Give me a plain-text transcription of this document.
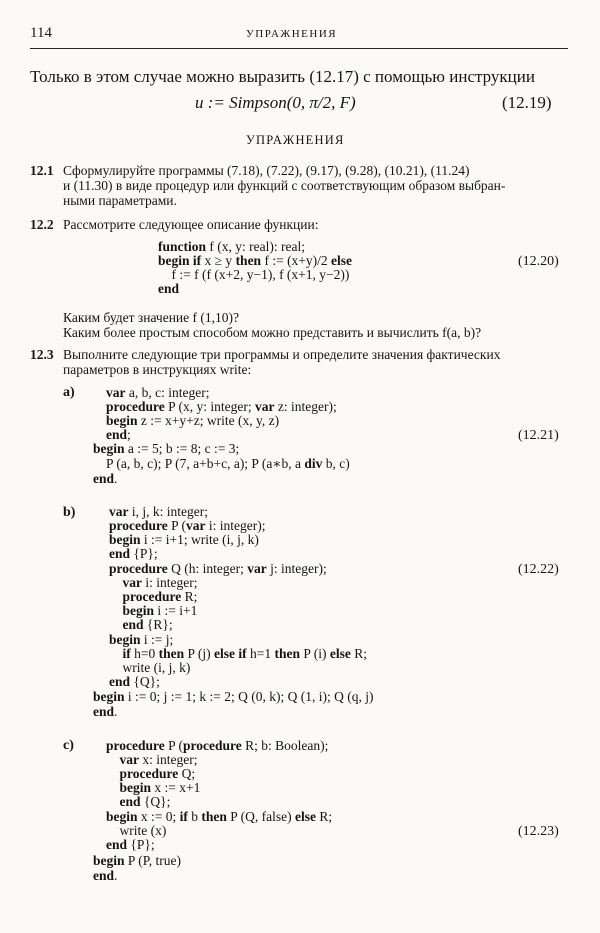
114	УПРАЖНЕНИЯ
Только в этом случае можно выразить (12.17) с помощью инструкции
u := Simpson(0, π/2, F)	(12.19)
УПРАЖНЕНИЯ
12.1 Сформулируйте программы (7.18), (7.22), (9.17), (9.28), (10.21), (11.24)
и (11.30) в виде процедур или функций с соответствующим образом выбран-
ными параметрами.
12.2 Рассмотрите следующее описание функции:
function f (x, y: real): real;
begin if x ≥ y then f := (x+y)/2 else
f := f (f (x+2, y−1), f (x+1, y−2))
end
(12.20)
Каким будет значение f (1,10)?
Каким более простым способом можно представить и вычислить f(a, b)?
12.3 Выполните следующие три программы и определите значения фактических
параметров в инструкциях write:
a) var a, b, c: integer;
procedure P (x, y: integer; var z: integer);
begin z := x+y+z; write (x, y, z)
end;
begin a := 5; b := 8; c := 3;
P (a, b, c); P (7, a+b+c, a); P (a∗b, a div b, c)
end.
(12.21)
b) var i, j, k: integer;
procedure P (var i: integer);
begin i := i+1; write (i, j, k)
end {P};
procedure Q (h: integer; var j: integer);
var i: integer;
procedure R;
begin i := i+1
end {R};
begin i := j;
if h=0 then P (j) else if h=1 then P (i) else R;
write (i, j, k)
end {Q};
begin i := 0; j := 1; k := 2; Q (0, k); Q (1, i); Q (q, j)
end.
(12.22)
c) procedure P (procedure R; b: Boolean);
var x: integer;
procedure Q;
begin x := x+1
end {Q};
begin x := 0; if b then P (Q, false) else R;
write (x)
end {P};
begin P (P, true)
end.
(12.23)
